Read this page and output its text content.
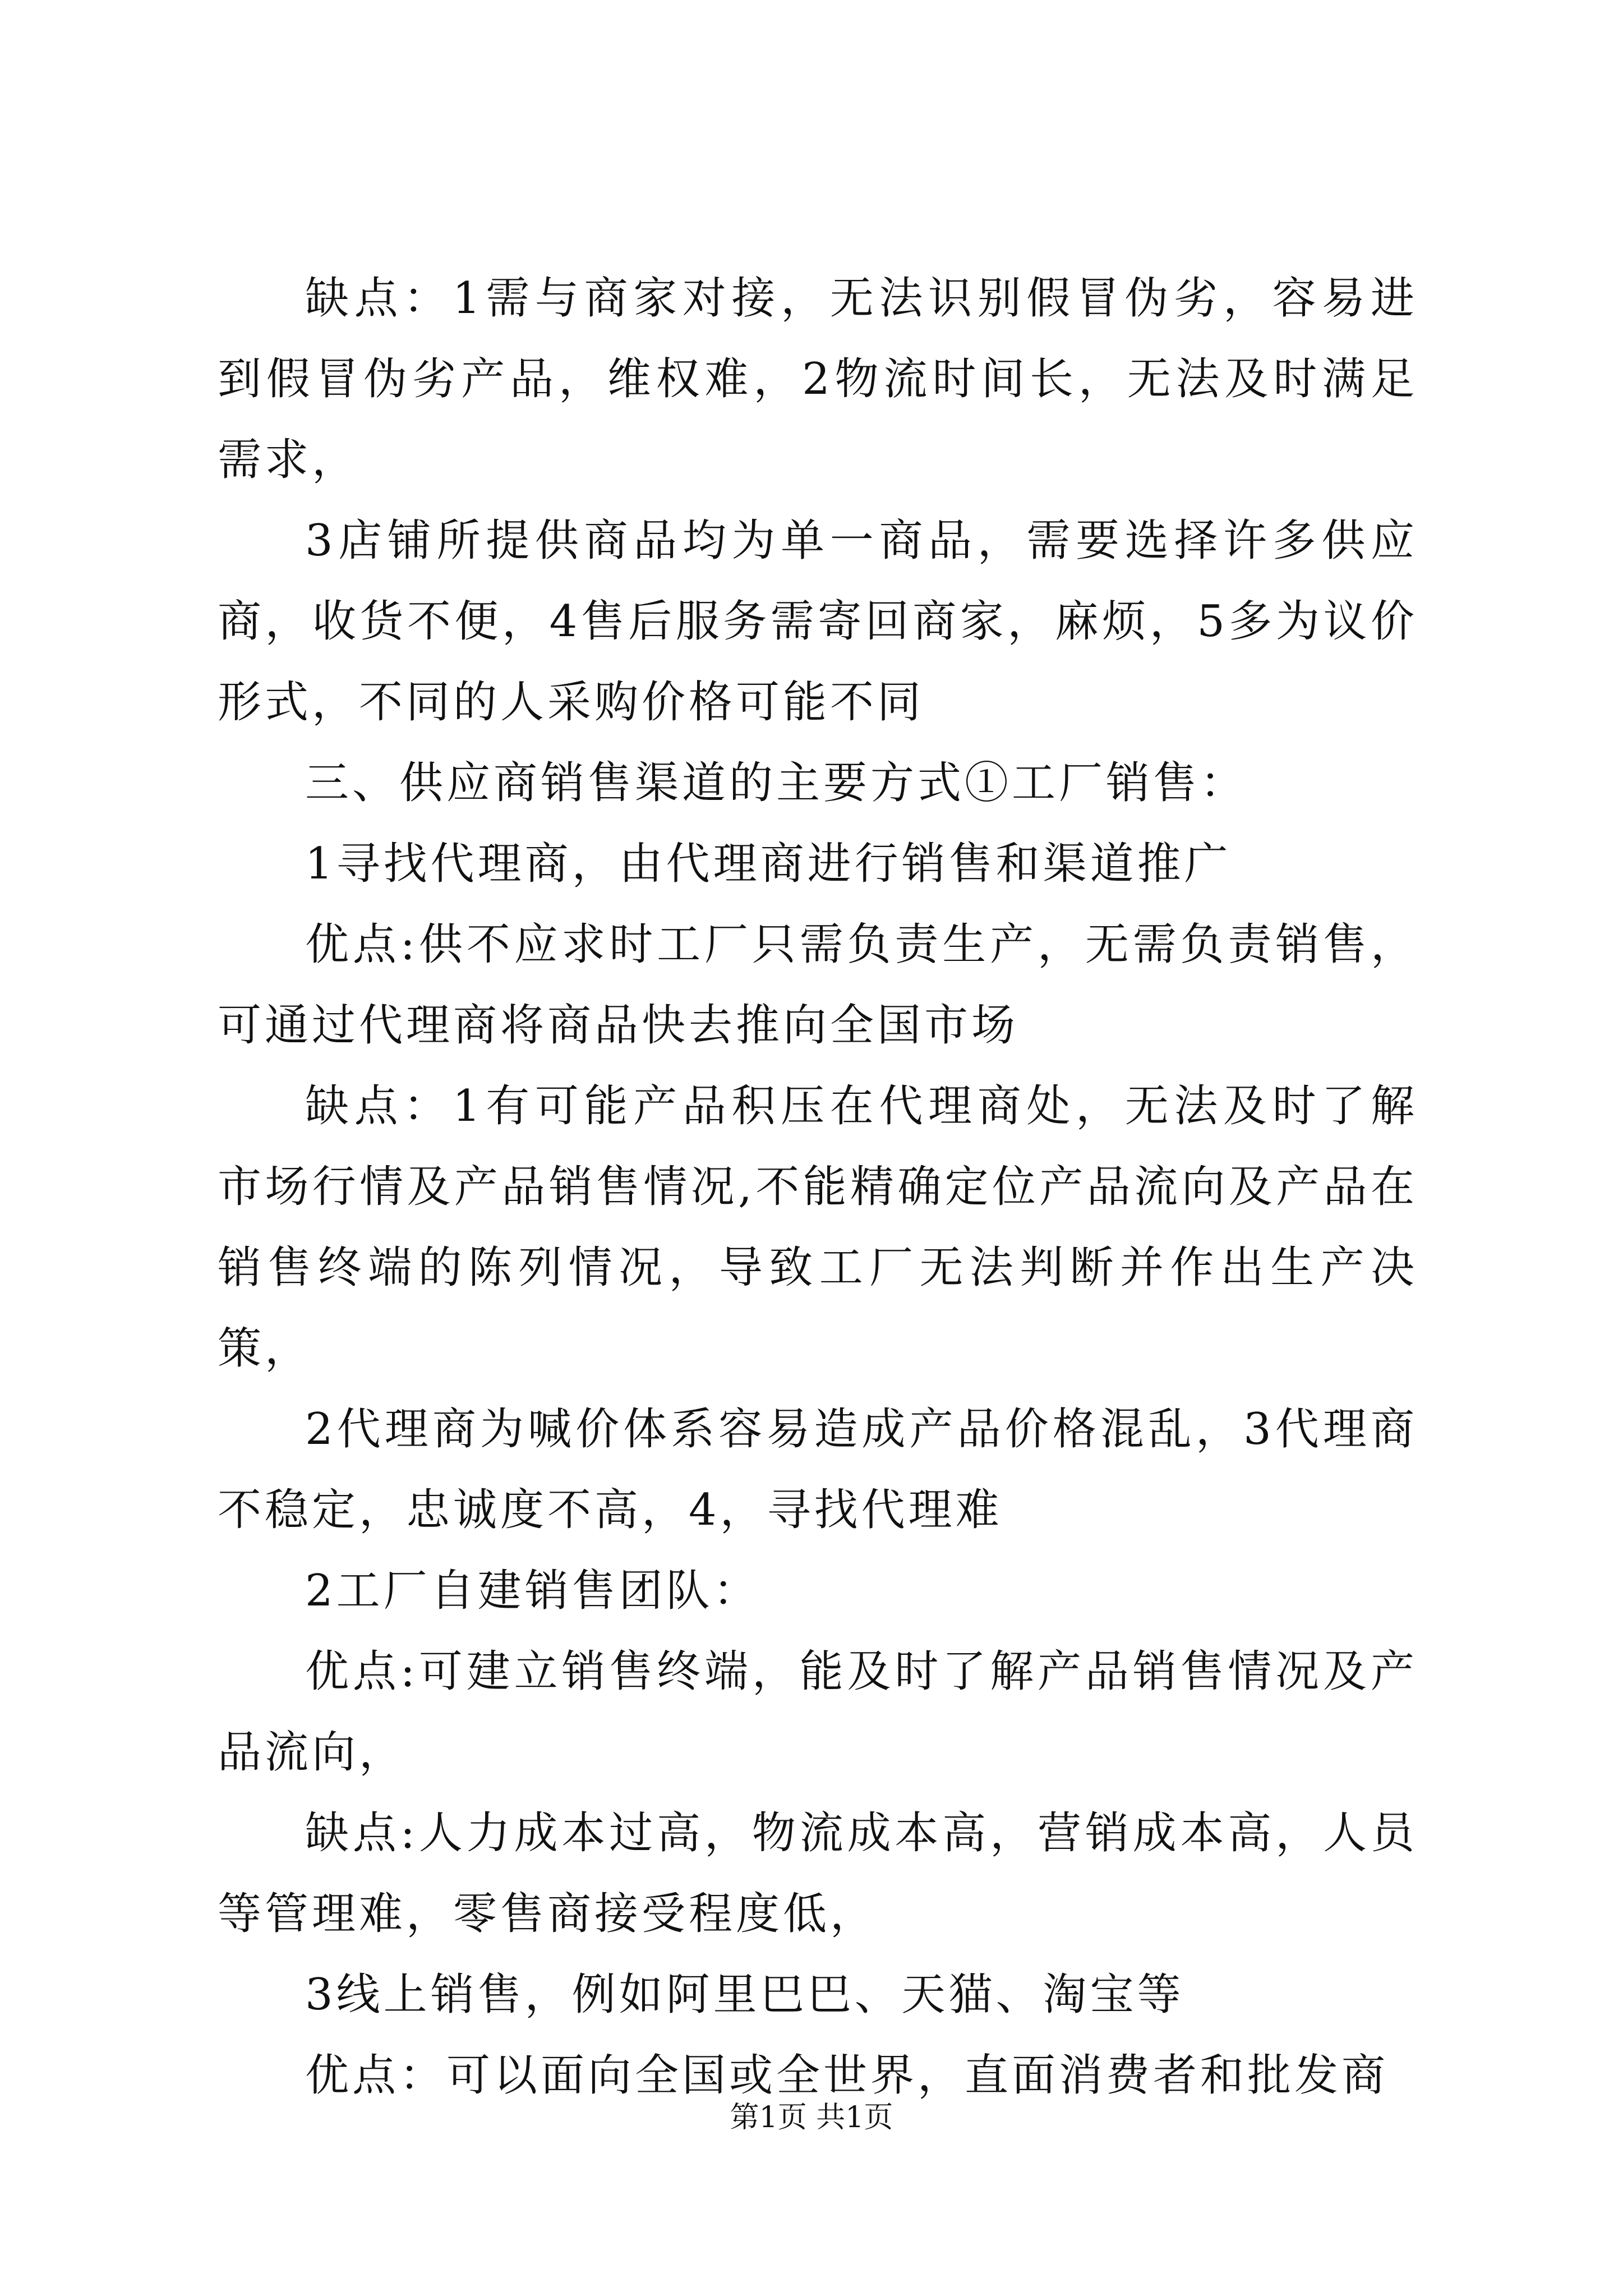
缺点：1需与商家对接，无法识别假冒伪劣，容易进到假冒伪劣产品，维权难，2物流时间长，无法及时满足需求，

3店铺所提供商品均为单一商品，需要选择许多供应商，收货不便，4售后服务需寄回商家，麻烦，5多为议价形式，不同的人采购价格可能不同

三、供应商销售渠道的主要方式①工厂销售：

1寻找代理商，由代理商进行销售和渠道推广

优点:供不应求时工厂只需负责生产，无需负责销售，可通过代理商将商品快去推向全国市场

缺点：1有可能产品积压在代理商处，无法及时了解市场行情及产品销售情况,不能精确定位产品流向及产品在销售终端的陈列情况，导致工厂无法判断并作出生产决策，

2代理商为喊价体系容易造成产品价格混乱，3代理商不稳定，忠诚度不高，4，寻找代理难

2工厂自建销售团队：

优点:可建立销售终端，能及时了解产品销售情况及产品流向，

缺点:人力成本过高，物流成本高，营销成本高，人员等管理难，零售商接受程度低，

3线上销售，例如阿里巴巴、天猫、淘宝等

优点：可以面向全国或全世界，直面消费者和批发商

第1页 共1页
